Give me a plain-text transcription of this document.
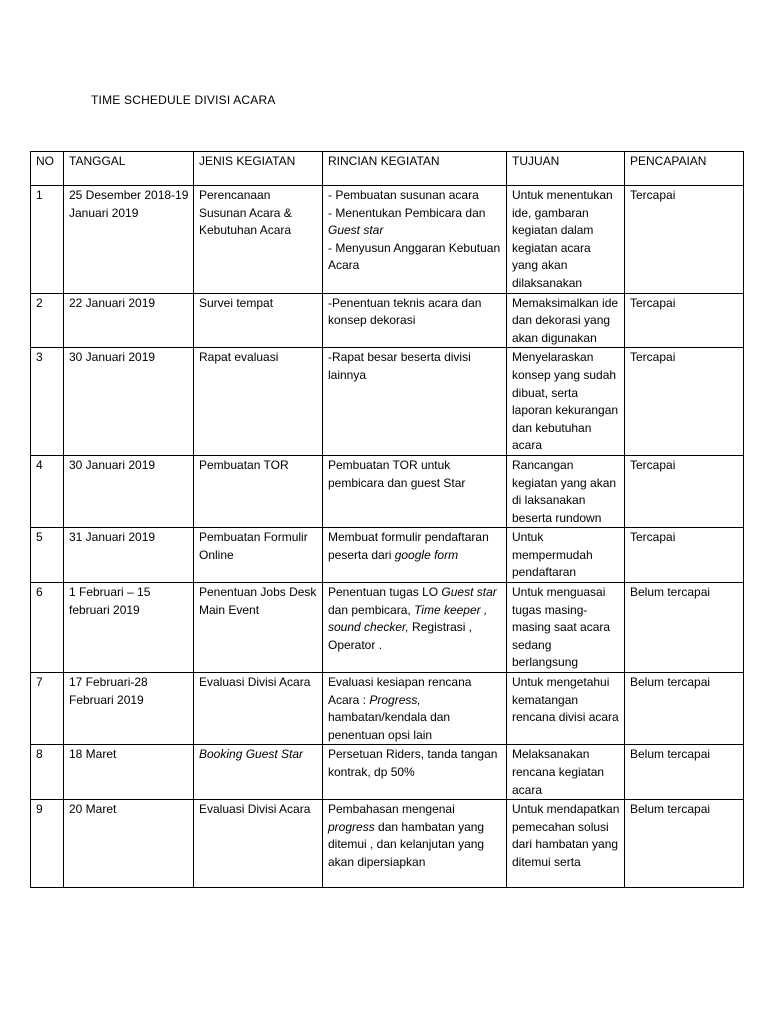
TIME SCHEDULE DIVISI ACARA
NO	TANGGAL	JENIS KEGIATAN	RINCIAN KEGIATAN	TUJUAN	PENCAPAIAN
1	25 Desember 2018-19 Januari 2019	Perencanaan Susunan Acara & Kebutuhan Acara	- Pembuatan susunan acara
- Menentukan Pembicara dan
Guest star
- Menyusun Anggaran Kebutuan Acara	Untuk menentukan ide, gambaran kegiatan dalam kegiatan acara yang akan dilaksanakan	Tercapai
2	22 Januari 2019	Survei tempat	-Penentuan teknis acara dan konsep dekorasi	Memaksimalkan ide dan dekorasi yang akan digunakan	Tercapai
3	30 Januari 2019	Rapat evaluasi	-Rapat besar beserta divisi lainnya	Menyelaraskan konsep yang sudah dibuat, serta laporan kekurangan dan kebutuhan acara	Tercapai
4	30 Januari 2019	Pembuatan TOR	Pembuatan TOR untuk pembicara dan guest Star	Rancangan kegiatan yang akan di laksanakan beserta rundown	Tercapai
5	31 Januari 2019	Pembuatan Formulir Online	Membuat formulir pendaftaran peserta dari google form	Untuk mempermudah pendaftaran	Tercapai
6	1 Februari – 15 februari 2019	Penentuan Jobs Desk Main Event	Penentuan tugas LO Guest star dan pembicara, Time keeper , sound checker, Registrasi , Operator .	Untuk menguasai tugas masing-masing saat acara sedang berlangsung	Belum tercapai
7	17 Februari-28 Februari 2019	Evaluasi Divisi Acara	Evaluasi kesiapan rencana Acara : Progress, hambatan/kendala dan penentuan opsi lain	Untuk mengetahui kematangan rencana divisi acara	Belum tercapai
8	18 Maret	Booking Guest Star	Persetuan Riders, tanda tangan kontrak, dp 50%	Melaksanakan rencana kegiatan acara	Belum tercapai
9	20 Maret	Evaluasi Divisi Acara	Pembahasan mengenai progress dan hambatan yang ditemui , dan kelanjutan yang akan dipersiapkan	Untuk mendapatkan pemecahan solusi dari hambatan yang ditemui serta	Belum tercapai
